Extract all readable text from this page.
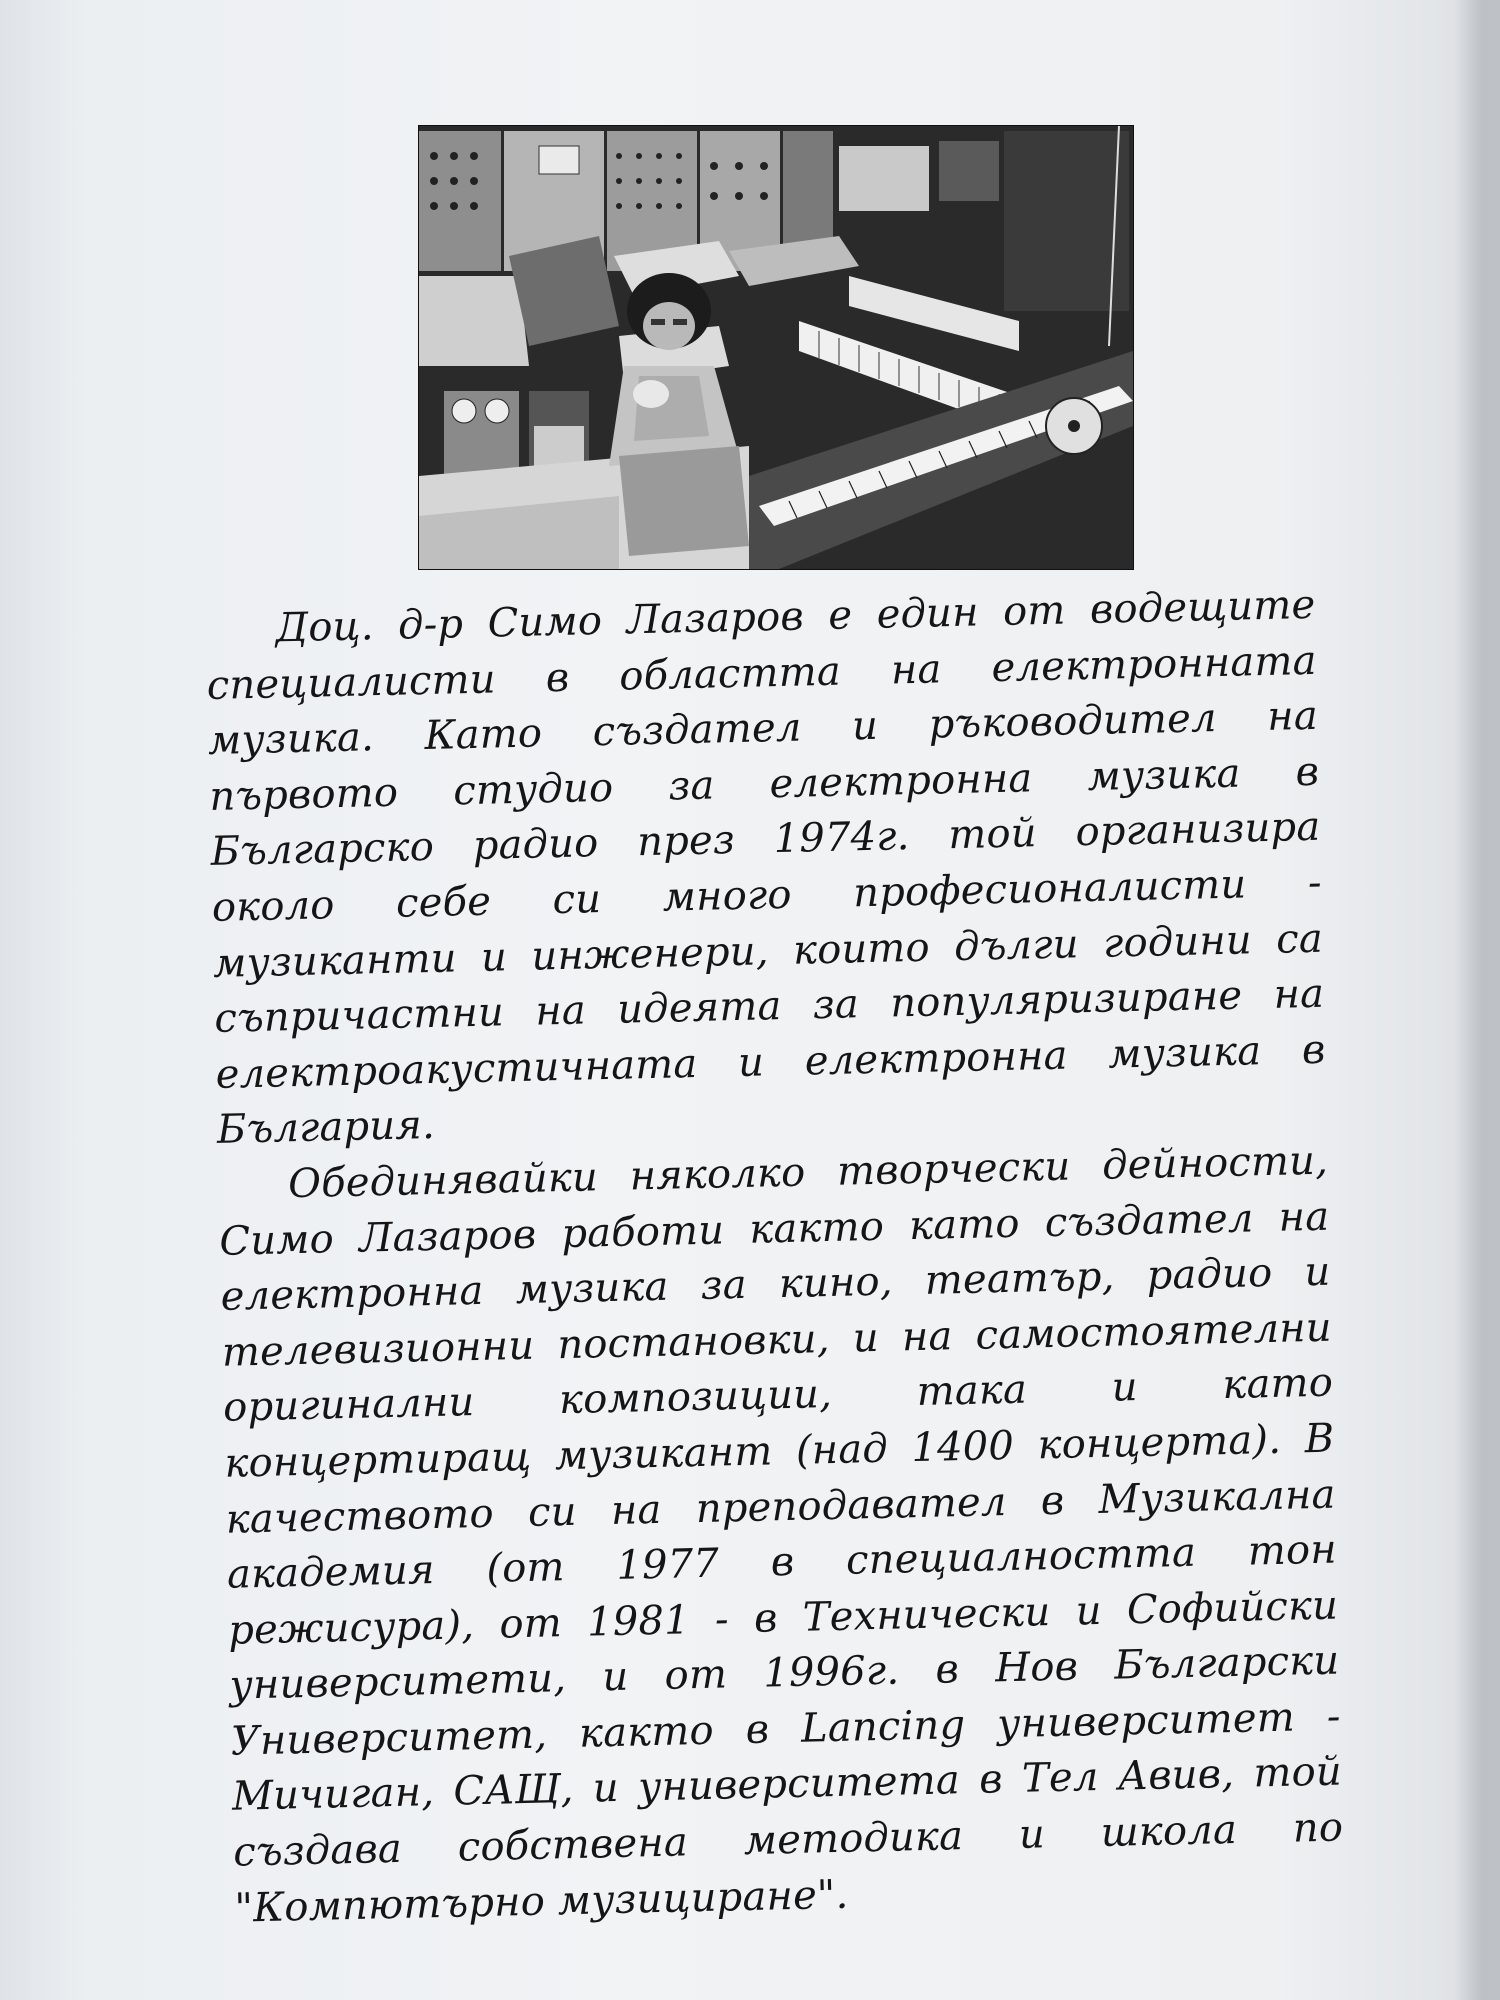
Доц. д-р Симо Лазаров е един от водещите
специалисти в областта на електронната
музика. Като създател и ръководител на
първото студио за електронна музика в
Българско радио през 1974г. той организира
около себе си много професионалисти -
музиканти и инженери, които дълги години са
съпричастни на идеята за популяризиране на
електроакустичната и електронна музика в
България.
Обединявайки няколко творчески дейности,
Симо Лазаров работи както като създател на
електронна музика за кино, театър, радио и
телевизионни постановки, и на самостоятелни
оригинални композиции, така и като
концертиращ музикант (над 1400 концерта). В
качеството си на преподавател в Музикална
академия (от 1977 в специалността тон
режисура), от 1981 - в Технически и Софийски
университети, и от 1996г. в Нов Български
Университет, както в Lancing университет -
Мичиган, САЩ, и университета в Тел Авив, той
създава собствена методика и школа по
"Компютърно музициране".
